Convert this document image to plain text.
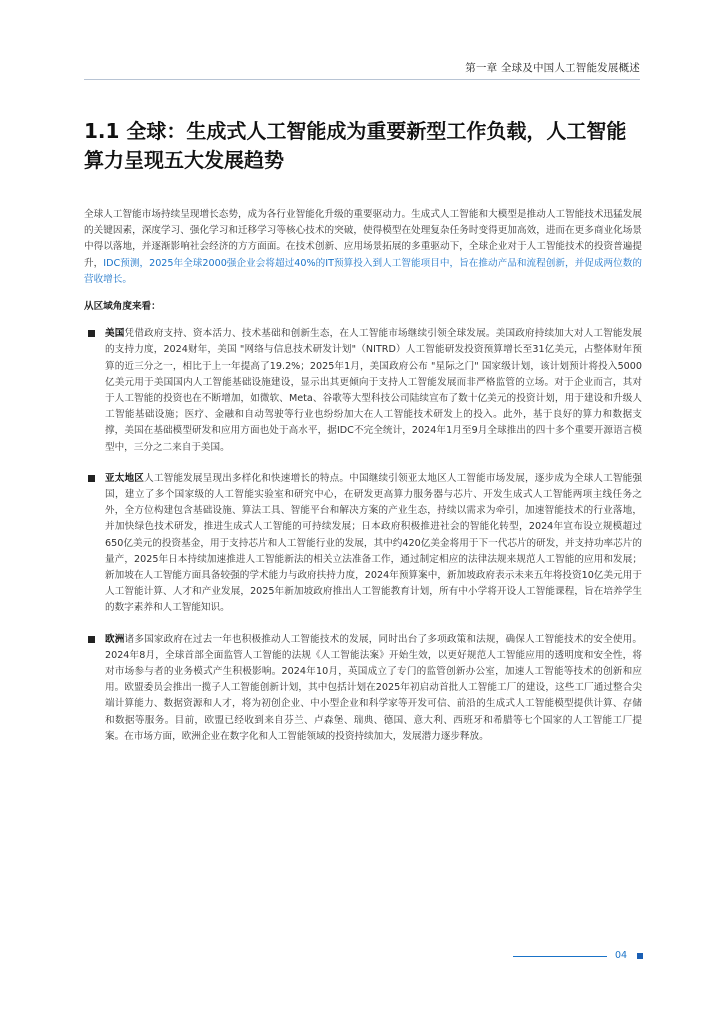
第一章 全球及中国人工智能发展概述
1.1 全球：生成式人工智能成为重要新型工作负载，人工智能算力呈现五大发展趋势

全球人工智能市场持续呈现增长态势，成为各行业智能化升级的重要驱动力。生成式人工智能和大模型是推动人工智能技术迅猛发展的关键因素，深度学习、强化学习和迁移学习等核心技术的突破，使得模型在处理复杂任务时变得更加高效，进而在更多商业化场景中得以落地，并逐渐影响社会经济的方方面面。在技术创新、应用场景拓展的多重驱动下，全球企业对于人工智能技术的投资普遍提升，IDC预测，2025年全球2000强企业会将超过40%的IT预算投入到人工智能项目中，旨在推动产品和流程创新，并促成两位数的营收增长。

从区域角度来看：

美国凭借政府支持、资本活力、技术基础和创新生态，在人工智能市场继续引领全球发展。美国政府持续加大对人工智能发展的支持力度，2024财年，美国 "网络与信息技术研发计划"（NITRD）人工智能研发投资预算增长至31亿美元，占整体财年预算的近三分之一，相比于上一年提高了19.2%；2025年1月，美国政府公布 "星际之门" 国家级计划，该计划预计将投入5000亿美元用于美国国内人工智能基础设施建设，显示出其更倾向于支持人工智能发展而非严格监管的立场。对于企业而言，其对于人工智能的投资也在不断增加，如微软、Meta、谷歌等大型科技公司陆续宣布了数十亿美元的投资计划，用于建设和升级人工智能基础设施；医疗、金融和自动驾驶等行业也纷纷加大在人工智能技术研发上的投入。此外，基于良好的算力和数据支撑，美国在基础模型研发和应用方面也处于高水平，据IDC不完全统计，2024年1月至9月全球推出的四十多个重要开源语言模型中，三分之二来自于美国。
亚太地区人工智能发展呈现出多样化和快速增长的特点。中国继续引领亚太地区人工智能市场发展，逐步成为全球人工智能强国，建立了多个国家级的人工智能实验室和研究中心，在研发更高算力服务器与芯片、开发生成式人工智能两项主线任务之外，全方位构建包含基础设施、算法工具、智能平台和解决方案的产业生态，持续以需求为牵引，加速智能技术的行业落地，并加快绿色技术研发，推进生成式人工智能的可持续发展；日本政府积极推进社会的智能化转型，2024年宣布设立规模超过650亿美元的投资基金，用于支持芯片和人工智能行业的发展，其中约420亿美金将用于下一代芯片的研发，并支持功率芯片的量产，2025年日本持续加速推进人工智能新法的相关立法准备工作，通过制定相应的法律法规来规范人工智能的应用和发展；新加坡在人工智能方面具备较强的学术能力与政府扶持力度，2024年预算案中，新加坡政府表示未来五年将投资10亿美元用于人工智能计算、人才和产业发展，2025年新加坡政府推出人工智能教育计划，所有中小学将开设人工智能课程，旨在培养学生的数字素养和人工智能知识。
欧洲诸多国家政府在过去一年也积极推动人工智能技术的发展，同时出台了多项政策和法规，确保人工智能技术的安全使用。2024年8月，全球首部全面监管人工智能的法规《人工智能法案》开始生效，以更好规范人工智能应用的透明度和安全性，将对市场参与者的业务模式产生积极影响。2024年10月，英国成立了专门的监管创新办公室，加速人工智能等技术的创新和应用。欧盟委员会推出一揽子人工智能创新计划，其中包括计划在2025年初启动首批人工智能工厂的建设，这些工厂通过整合尖端计算能力、数据资源和人才，将为初创企业、中小型企业和科学家等开发可信、前沿的生成式人工智能模型提供计算、存储和数据等服务。目前，欧盟已经收到来自芬兰、卢森堡、瑞典、德国、意大利、西班牙和希腊等七个国家的人工智能工厂提案。在市场方面，欧洲企业在数字化和人工智能领域的投资持续加大，发展潜力逐步释放。
04
